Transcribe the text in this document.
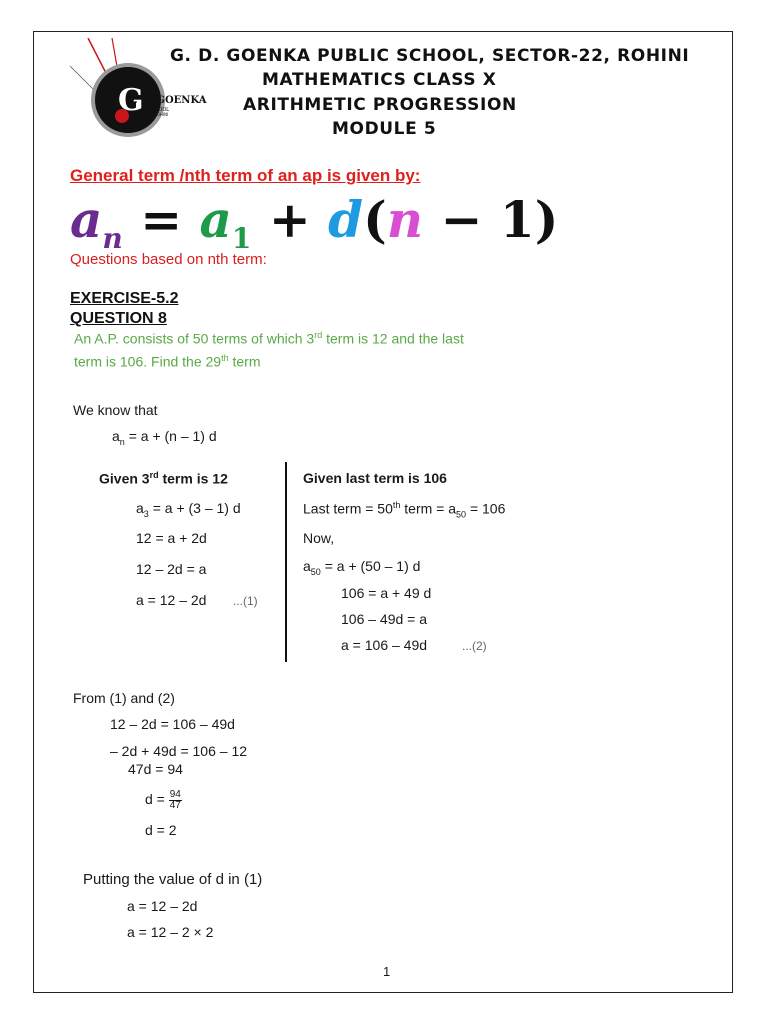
G
G. D. GOENKA
SCHOOL
ROHINI
G. D. GOENKA PUBLIC SCHOOL, SECTOR-22, ROHINI
MATHEMATICS CLASS X
ARITHMETIC PROGRESSION
MODULE 5
General term /nth term of an ap is given by:
$a_n = a_1 + d(n - 1)$
Questions based on nth term:
EXERCISE-5.2
QUESTION 8
An A.P. consists of 50 terms of which 3rd term is 12 and the last
term is 106. Find the 29th term
We know that
$a_n = a + (n - 1)$ d
Given 3rd term is 12
$a_3 = a + (3 - 1)$ d
12 = a + 2d
12 – 2d = a
a = 12 – 2d ...(1)
Given last term is 106
Last term = 50th term = $a_{50} = 106$
Now,
$a_{50} = a + (50 - 1)$ d
106 = a + 49 d
106 – 49d = a
a = 106 – 49d	...(2)
From (1) and (2)
12 – 2d = 106 – 49d
– 2d + 49d = 106 – 12
47d = 94
$d = \frac{94}{47}$
d = 2
Putting the value of d in (1)
a = 12 – 2d
a = 12 – 2 × 2
1
